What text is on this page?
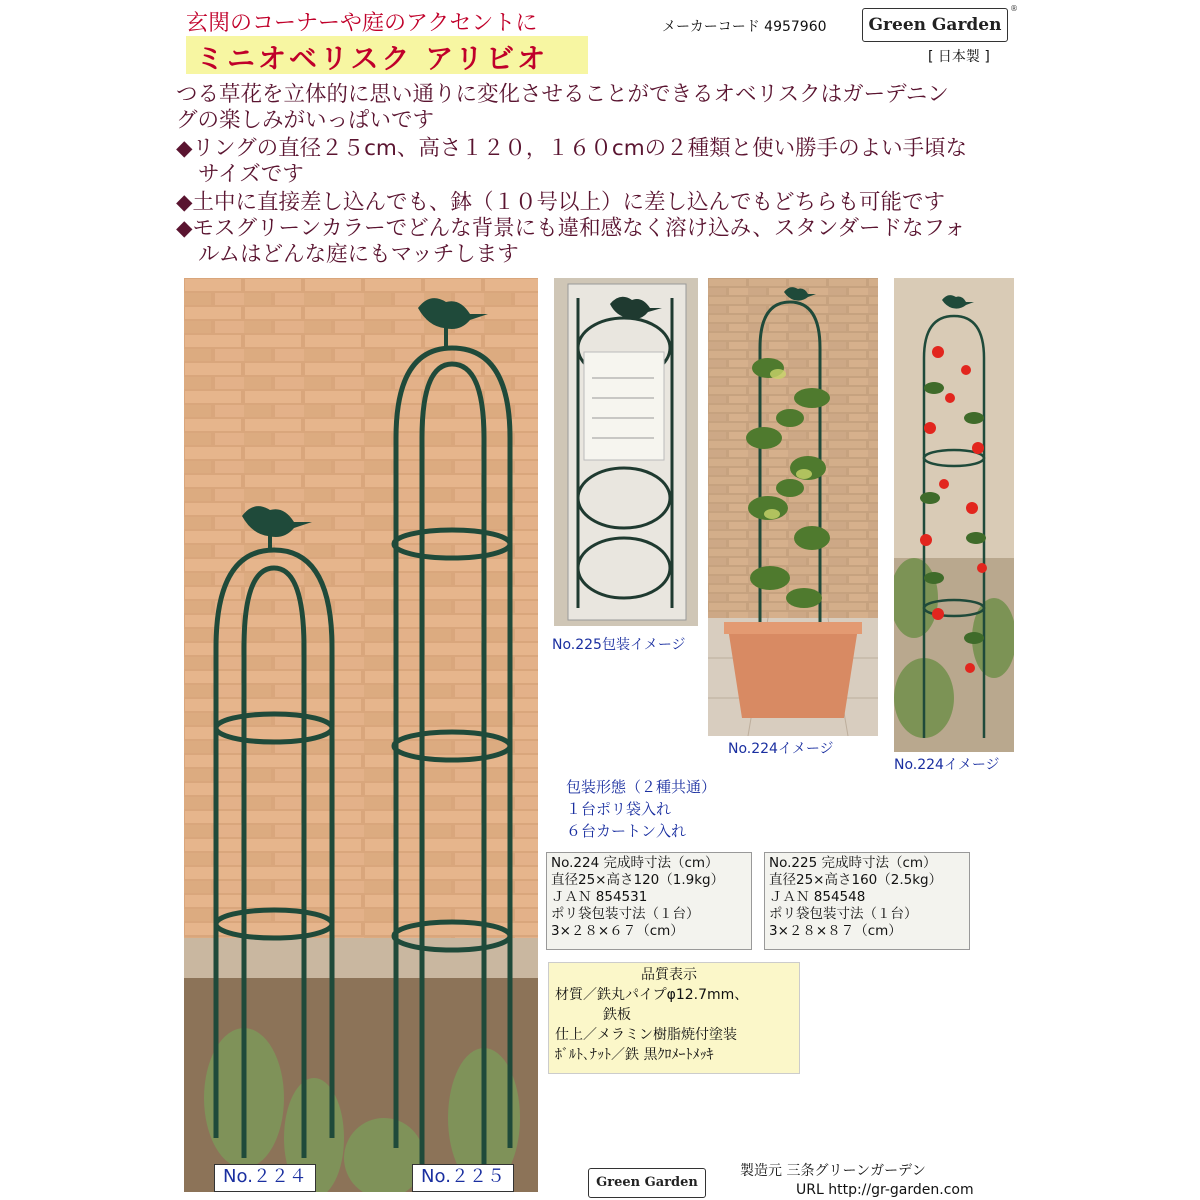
玄関のコーナーや庭のアクセントに
ミニオベリスク アリビオ
メーカーコード 4957960	Green Garden
®
[ 日本製 ]
つる草花を立体的に思い通りに変化させることができるオベリスクはガーデニン
グの楽しみがいっぱいです
◆リングの直径２５cm、高さ１２０，１６０cmの２種類と使い勝手のよい手頃な
サイズです
◆土中に直接差し込んでも、鉢（１０号以上）に差し込んでもどちらも可能です
◆モスグリーンカラーでどんな背景にも違和感なく溶け込み、スタンダードなフォ
ルムはどんな庭にもマッチします
No.２２４	No.２２５
No.225包装イメージ
No.224イメージ
No.224イメージ
包装形態（２種共通）
１台ポリ袋入れ
６台カートン入れ
No.224 完成時寸法（cm）
直径25×高さ120（1.9kg）
ＪＡＮ 854531
ポリ袋包装寸法（１台）
3×２８×６７（cm）
No.225 完成時寸法（cm）
直径25×高さ160（2.5kg）
ＪＡＮ 854548
ポリ袋包装寸法（１台）
3×２８×８７（cm）
品質表示
材質／鉄丸パイプφ12.7mm、
鉄板
仕上／メラミン樹脂焼付塗装
ﾎﾞﾙﾄ､ﾅｯﾄ／鉄 黒ｸﾛﾒｰﾄﾒｯｷ
Green Garden
製造元 三条グリーンガーデン
URL http://gr-garden.com
